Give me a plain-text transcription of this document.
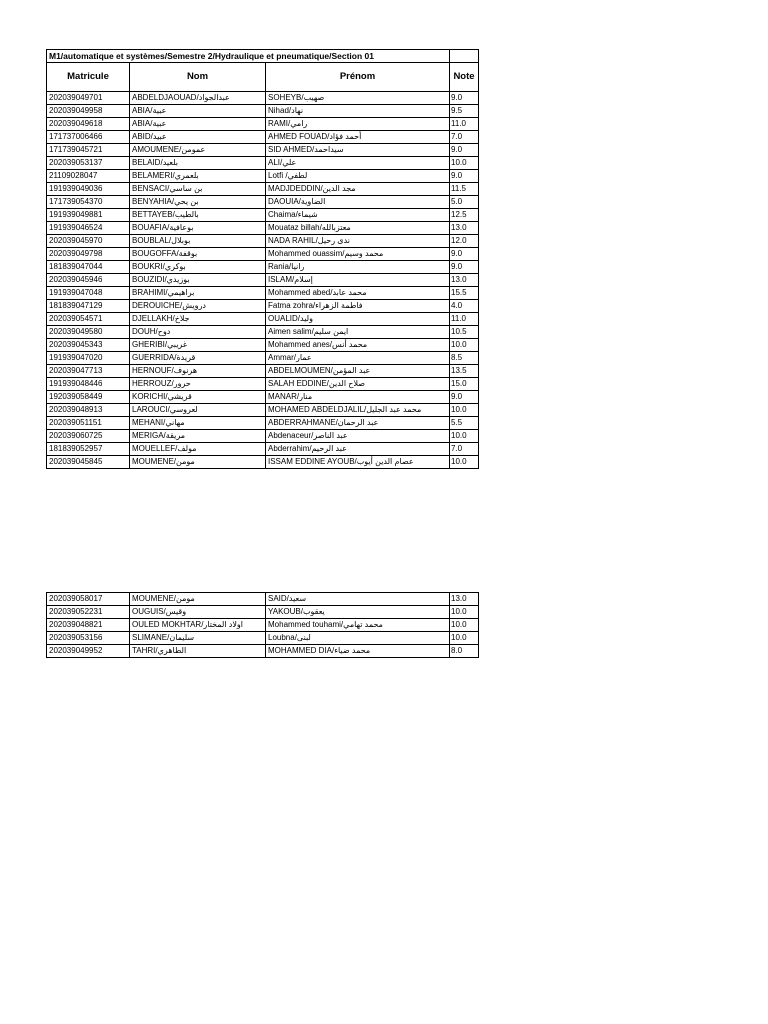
M1/automatique et systèmes/Semestre 2/Hydraulique et pneumatique/Section 01			
Matricule	Nom	Prénom	Note
202039049701	ABDELDJAOUAD/عبدالجواد	SOHEYB/صهيب	9.0
202039049958	ABIA/عبية	Nihad/نهاد	9.5
202039049618	ABIA/عبية	RAMI/رامي	11.0
171737006466	ABID/عبيد	AHMED FOUAD/أحمد فؤاد	7.0
171739045721	AMOUMENE/عمومن	SID AHMED/سيداحمد	9.0
202039053137	BELAID/بلعيد	ALI/علي	10.0
21109028047	BELAMERI/بلعمري	Lotfi /لطفي	9.0
191939049036	BENSACI/بن ساسي	MADJDEDDIN/مجد الدين	11.5
171739054370	BENYAHIA/بن يحي	DAOUIA/الضاوية	5.0
191939049881	BETTAYEB/بالطيب	Chaima/شيماء	12.5
191939046524	BOUAFIA/بوعافية	Mouataz billah/معتزبالله	13.0
202039045970	BOUBLAL/بوبلال	NADA RAHIL/ندى رحيل	12.0
202039049798	BOUGOFFA/بوقفة	Mohammed ouassim/محمد وسيم	9.0
181839047044	BOUKRI/بوكري	Rania/رانيا	9.0
202039045946	BOUZIDI/بوزيدي	ISLAM/إسلام	13.0
191939047048	BRAHIMI/براهيمي	Mohammed abed/محمد عابد	15.5
181839047129	DEROUICHE/درويش	Fatma zohra/فاطمة الزهراء	4.0
202039054571	DJELLAKH/جلاخ	OUALID/وليد	11.0
202039049580	DOUH/دوح	Aimen salim/ايمن سليم	10.5
202039045343	GHERIBI/غريبي	Mohammed anes/محمد أنس	10.0
191939047020	GUERRIDA/قريدة	Ammar/عمار	8.5
202039047713	HERNOUF/هرنوف	ABDELMOUMEN/عبد المؤمن	13.5
191939048446	HERROUZ/حرور	SALAH EDDINE/صلاح الدين	15.0
192039058449	KORICHI/قريشي	MANAR/منار	9.0
202039048913	LAROUCI/لعروسي	MOHAMED ABDELDJALIL/محمد عبد الجليل	10.0
202039051151	MEHANI/مهاني	ABDERRAHMANE/عبد الرحمان	5.5
202039060725	MERIGA/مريقة	Abdenaceur/عبد الناصر	10.0
181839052957	MOUELLEF/مولف	Abderrahim/عبد الرحيم	7.0
202039045845	MOUMENE/مومن	ISSAM EDDINE AYOUB/عصام الدين أيوب	10.0
202039058017	MOUMENE/مومن	SAID/سعيد	13.0
202039052231	OUGUIS/وقيس	YAKOUB/يعقوب	10.0
202039048821	OULED MOKHTAR/اولاد المختار	Mohammed touhami/محمد تهامي	10.0
202039053156	SLIMANE/سليمان	Loubna/لبنى	10.0
202039049952	TAHRI/الطاهري	MOHAMMED DIA/محمد ضياء	8.0
